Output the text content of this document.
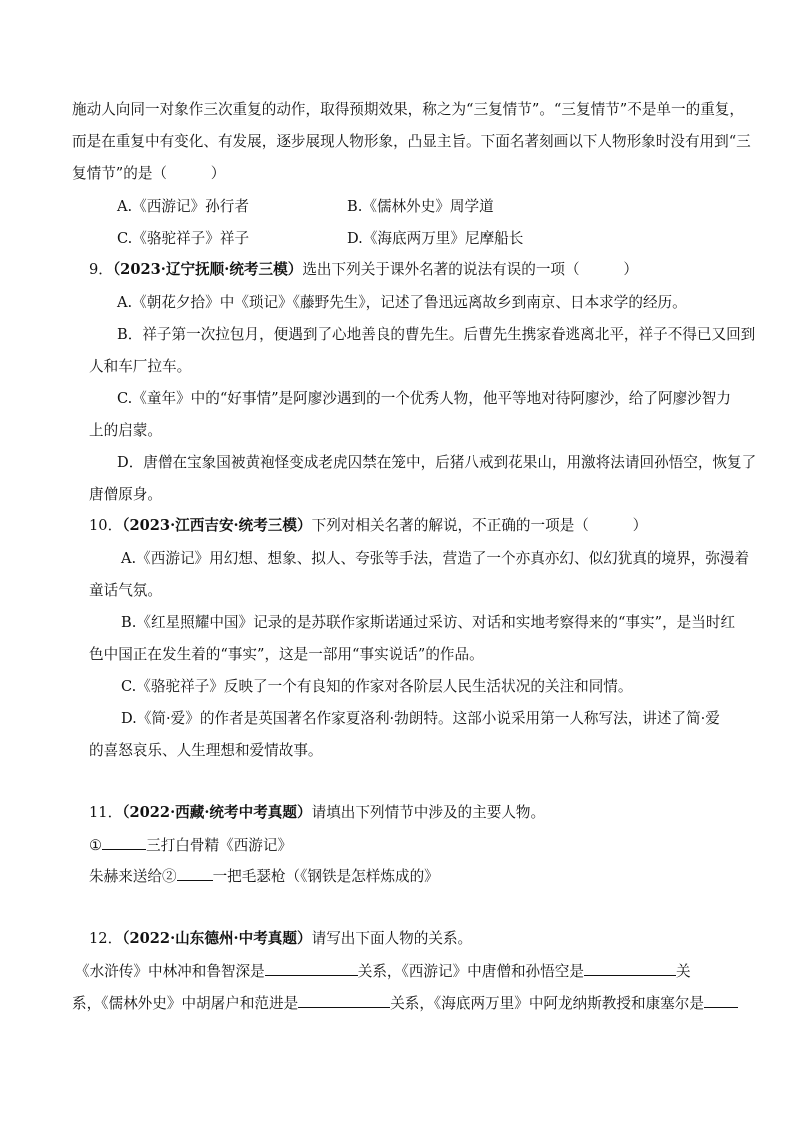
施动人向同一对象作三次重复的动作，取得预期效果，称之为“三复情节”。“三复情节”不是单一的重复，
而是在重复中有变化、有发展，逐步展现人物形象，凸显主旨。下面名著刻画以下人物形象时没有用到“三
复情节”的是（　　　）
A.《西游记》孙行者	B.《儒林外史》周学道
C.《骆驼祥子》祥子	D.《海底两万里》尼摩船长
9．（2023·辽宁抚顺·统考三模）选出下列关于课外名著的说法有误的一项（　　　）
A.《朝花夕拾》中《琐记》《藤野先生》，记述了鲁迅远离故乡到南京、日本求学的经历。
B．祥子第一次拉包月，便遇到了心地善良的曹先生。后曹先生携家眷逃离北平，祥子不得已又回到
人和车厂拉车。
C.《童年》中的“好事情”是阿廖沙遇到的一个优秀人物，他平等地对待阿廖沙，给了阿廖沙智力
上的启蒙。
D．唐僧在宝象国被黄袍怪变成老虎囚禁在笼中，后猪八戒到花果山，用激将法请回孙悟空，恢复了
唐僧原身。
10．（2023·江西吉安·统考三模）下列对相关名著的解说，不正确的一项是（　　　）
A.《西游记》用幻想、想象、拟人、夸张等手法，营造了一个亦真亦幻、似幻犹真的境界，弥漫着
童话气氛。
B.《红星照耀中国》记录的是苏联作家斯诺通过采访、对话和实地考察得来的“事实”，是当时红
色中国正在发生着的“事实”，这是一部用“事实说话”的作品。
C.《骆驼祥子》反映了一个有良知的作家对各阶层人民生活状况的关注和同情。
D.《简·爱》的作者是英国著名作家夏洛利·勃朗特。这部小说采用第一人称写法，讲述了简·爱
的喜怒哀乐、人生理想和爱情故事。
11．（2022·西藏·统考中考真题）请填出下列情节中涉及的主要人物。
①	三打白骨精《西游记》
朱赫来送给② 一把毛瑟枪（《钢铁是怎样炼成的》
12．（2022·山东德州·中考真题）请写出下面人物的关系。
《水浒传》中林冲和鲁智深是	关系，《西游记》中唐僧和孙悟空是	关
系，《儒林外史》中胡屠户和范进是	关系，《海底两万里》中阿龙纳斯教授和康塞尔是
